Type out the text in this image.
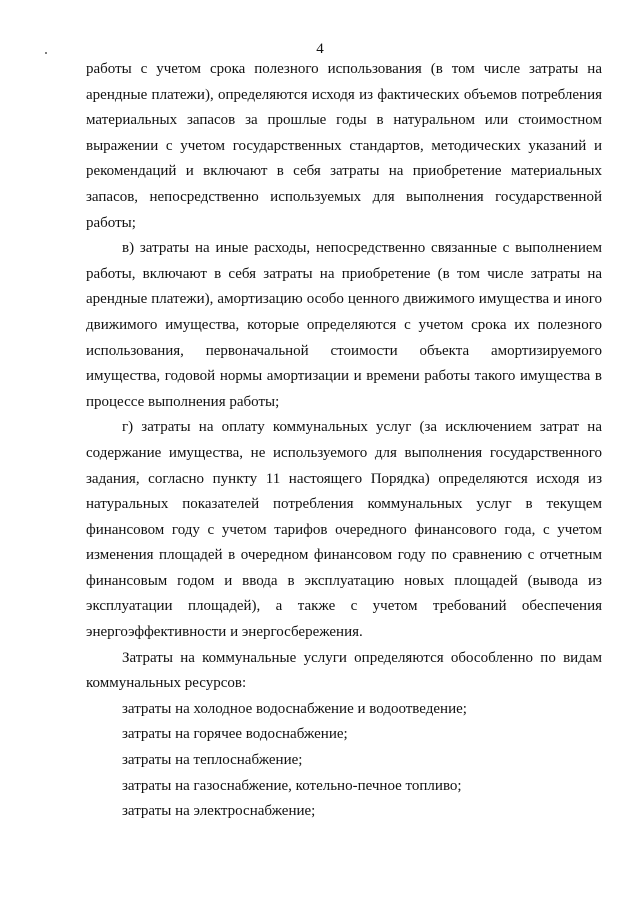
4

работы с учетом срока полезного использования (в том числе затраты на арендные платежи), определяются исходя из фактических объемов потребления материальных запасов за прошлые годы в натуральном или стоимостном выражении с учетом государственных стандартов, методических указаний и рекомендаций и включают в себя затраты на приобретение материальных запасов, непосредственно используемых для выполнения государственной работы;

в) затраты на иные расходы, непосредственно связанные с выполнением работы, включают в себя затраты на приобретение (в том числе затраты на арендные платежи), амортизацию особо ценного движимого имущества и иного движимого имущества, которые определяются с учетом срока их полезного использования, первоначальной стоимости объекта амортизируемого имущества, годовой нормы амортизации и времени работы такого имущества в процессе выполнения работы;

г) затраты на оплату коммунальных услуг (за исключением затрат на содержание имущества, не используемого для выполнения государственного задания, согласно пункту 11 настоящего Порядка) определяются исходя из натуральных показателей потребления коммунальных услуг в текущем финансовом году с учетом тарифов очередного финансового года, с учетом изменения площадей в очередном финансовом году по сравнению с отчетным финансовым годом и ввода в эксплуатацию новых площадей (вывода из эксплуатации площадей), а также с учетом требований обеспечения энергоэффективности и энергосбережения.

Затраты на коммунальные услуги определяются обособленно по видам коммунальных ресурсов:

затраты на холодное водоснабжение и водоотведение;

затраты на горячее водоснабжение;

затраты на теплоснабжение;

затраты на газоснабжение, котельно-печное топливо;

затраты на электроснабжение;
